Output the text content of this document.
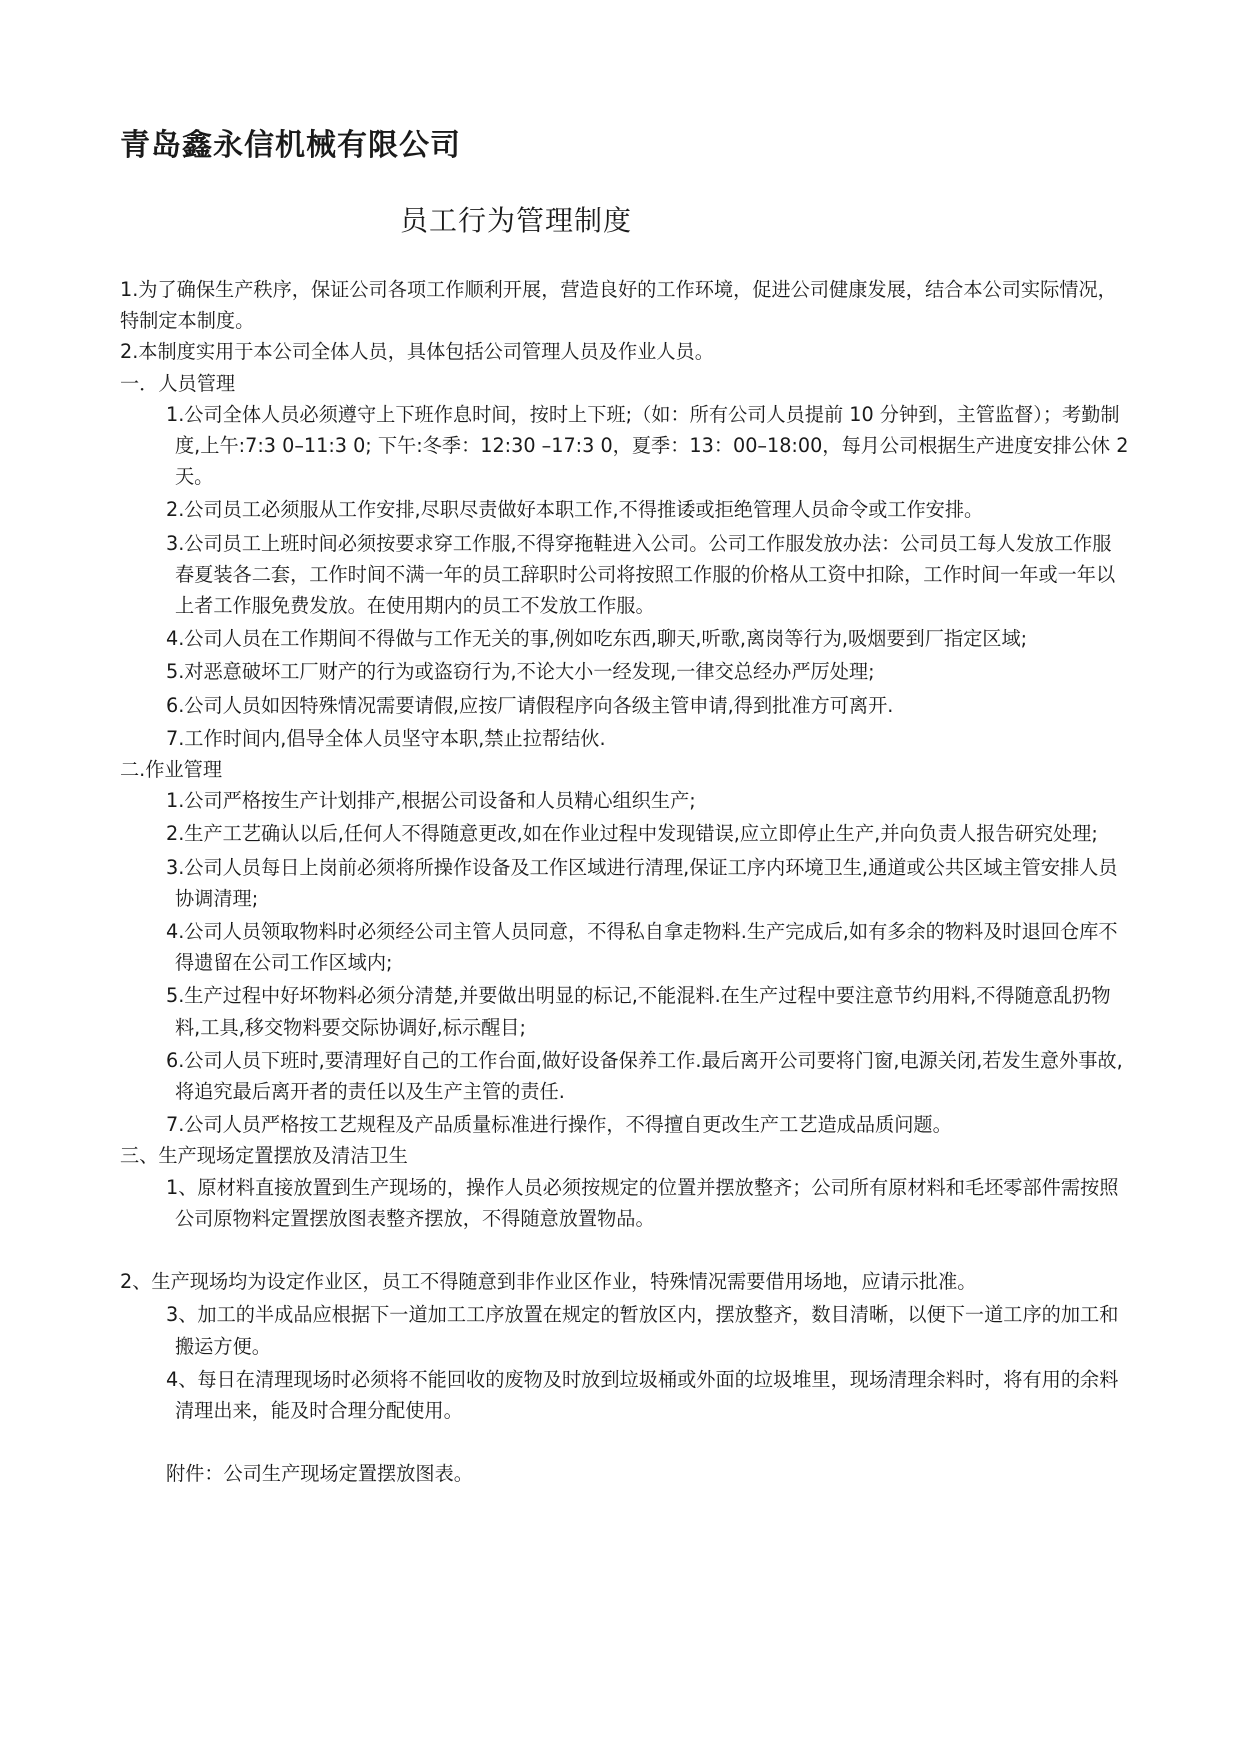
青岛鑫永信机械有限公司
员工行为管理制度

1.为了确保生产秩序，保证公司各项工作顺利开展，营造良好的工作环境，促进公司健康发展，结合本公司实际情况，特制定本制度。

2.本制度实用于本公司全体人员，具体包括公司管理人员及作业人员。

一．人员管理

1.公司全体人员必须遵守上下班作息时间，按时上下班;（如：所有公司人员提前 10 分钟到，主管监督）；考勤制度,上午:7:3 0–11:3 0; 下午:冬季：12:30 –17:3 0，夏季：13：00–18:00，每月公司根据生产进度安排公休 2 天。

2.公司员工必须服从工作安排,尽职尽责做好本职工作,不得推诿或拒绝管理人员命令或工作安排。

3.公司员工上班时间必须按要求穿工作服,不得穿拖鞋进入公司。公司工作服发放办法：公司员工每人发放工作服春夏装各二套，工作时间不满一年的员工辞职时公司将按照工作服的价格从工资中扣除，工作时间一年或一年以上者工作服免费发放。在使用期内的员工不发放工作服。

4.公司人员在工作期间不得做与工作无关的事,例如吃东西,聊天,听歌,离岗等行为,吸烟要到厂指定区域;

5.对恶意破坏工厂财产的行为或盗窃行为,不论大小一经发现,一律交总经办严厉处理;

6.公司人员如因特殊情况需要请假,应按厂请假程序向各级主管申请,得到批准方可离开.

7.工作时间内,倡导全体人员坚守本职,禁止拉帮结伙.

二.作业管理

1.公司严格按生产计划排产,根据公司设备和人员精心组织生产;

2.生产工艺确认以后,任何人不得随意更改,如在作业过程中发现错误,应立即停止生产,并向负责人报告研究处理;

3.公司人员每日上岗前必须将所操作设备及工作区域进行清理,保证工序内环境卫生,通道或公共区域主管安排人员协调清理;

4.公司人员领取物料时必须经公司主管人员同意，不得私自拿走物料.生产完成后,如有多余的物料及时退回仓库不得遗留在公司工作区域内;

5.生产过程中好坏物料必须分清楚,并要做出明显的标记,不能混料.在生产过程中要注意节约用料,不得随意乱扔物料,工具,移交物料要交际协调好,标示醒目;

6.公司人员下班时,要清理好自己的工作台面,做好设备保养工作.最后离开公司要将门窗,电源关闭,若发生意外事故,将追究最后离开者的责任以及生产主管的责任.

7.公司人员严格按工艺规程及产品质量标准进行操作，不得擅自更改生产工艺造成品质问题。

三、生产现场定置摆放及清洁卫生

1、原材料直接放置到生产现场的，操作人员必须按规定的位置并摆放整齐；公司所有原材料和毛坯零部件需按照公司原物料定置摆放图表整齐摆放，不得随意放置物品。

2、生产现场均为设定作业区，员工不得随意到非作业区作业，特殊情况需要借用场地，应请示批准。

3、加工的半成品应根据下一道加工工序放置在规定的暂放区内，摆放整齐，数目清晰，以便下一道工序的加工和搬运方便。

4、每日在清理现场时必须将不能回收的废物及时放到垃圾桶或外面的垃圾堆里，现场清理余料时，将有用的余料清理出来，能及时合理分配使用。

附件：公司生产现场定置摆放图表。
